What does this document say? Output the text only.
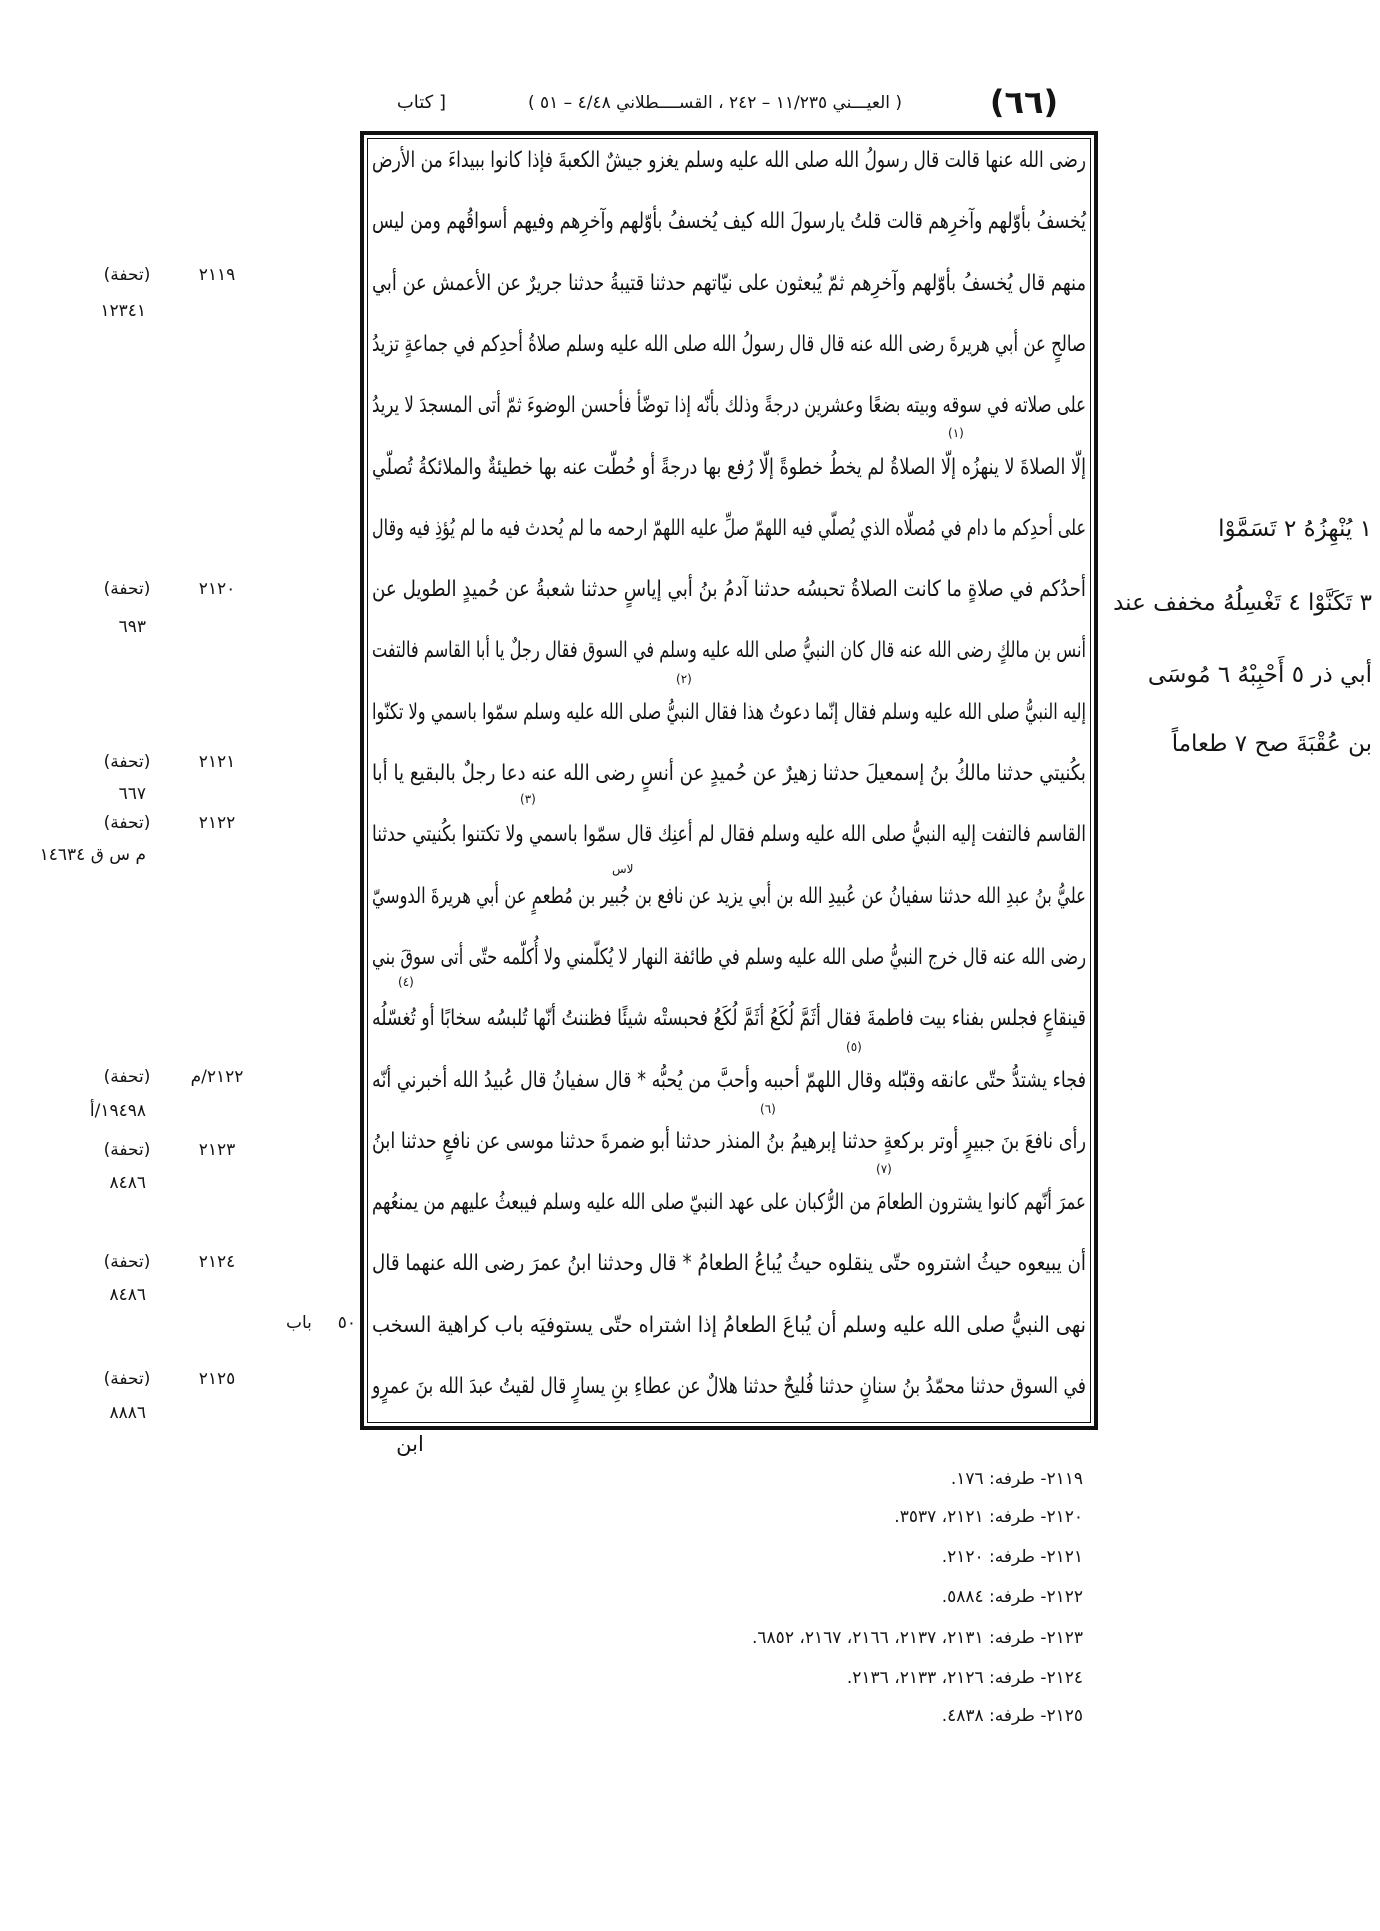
(٦٦)
( العيـــني ١١/٢٣٥ – ٢٤٢ ، القســــطلاني ٤/٤٨ – ٥١ )
[ كتاب
رضى الله عنها قالت قال رسولُ الله صلى الله عليه وسلم يغزو جيشٌ الكعبةَ فإذا كانوا ببيداءَ من الأرض
يُخسفُ بأوّلهم وآخرِهم قالت قلتُ يارسولَ الله كيف يُخسفُ بأوّلهم وآخرِهم وفيهم أسواقُهم ومن ليس
منهم قال يُخسفُ بأوّلهم وآخرِهم ثمّ يُبعثون على نيّاتهم حدثنا قتيبةُ حدثنا جريرٌ عن الأعمش عن أبي
صالحٍ عن أبي هريرةَ رضى الله عنه قال قال رسولُ الله صلى الله عليه وسلم صلاةُ أحدِكم في جماعةٍ تزيدُ
على صلاته في سوقه وبيته بضعًا وعشرين درجةً وذلك بأنّه إذا توضّأ فأحسن الوضوءَ ثمّ أتى المسجدَ لا يريدُ
إلّا الصلاةَ لا ينهزُه إلّا الصلاةُ لم يخطُ خطوةً إلّا رُفع بها درجةً أو حُطّت عنه بها خطيئةٌ والملائكةُ تُصلّي
على أحدِكم ما دام في مُصلّاه الذي يُصلّي فيه اللهمّ صلِّ عليه اللهمّ ارحمه ما لم يُحدث فيه ما لم يُؤذِ فيه وقال
أحدُكم في صلاةٍ ما كانت الصلاةُ تحبسُه حدثنا آدمُ بنُ أبي إياسٍ حدثنا شعبةُ عن حُميدٍ الطويل عن
أنس بن مالكٍ رضى الله عنه قال كان النبيُّ صلى الله عليه وسلم في السوق فقال رجلٌ يا أبا القاسم فالتفت
إليه النبيُّ صلى الله عليه وسلم فقال إنّما دعوتُ هذا فقال النبيُّ صلى الله عليه وسلم سمّوا باسمي ولا تكنّوا
بكُنيتي حدثنا مالكُ بنُ إسمعيلَ حدثنا زهيرٌ عن حُميدٍ عن أنسٍ رضى الله عنه دعا رجلٌ بالبقيع يا أبا
القاسم فالتفت إليه النبيُّ صلى الله عليه وسلم فقال لم أعنِك قال سمّوا باسمي ولا تكتنوا بكُنيتي حدثنا
عليُّ بنُ عبدِ الله حدثنا سفيانُ عن عُبيدِ الله بن أبي يزيد عن نافع بن جُبير بن مُطعمٍ عن أبي هريرةَ الدوسيّ
رضى الله عنه قال خرج النبيُّ صلى الله عليه وسلم في طائفة النهار لا يُكلّمني ولا أُكلّمه حتّى أتى سوقَ بني
قينقاعٍ فجلس بفناء بيت فاطمةَ فقال أثَمَّ لُكَعُ أثَمَّ لُكَعُ فحبستْه شيئًا فظننتُ أنّها تُلبسُه سخابًا أو تُغسّلُه
فجاء يشتدُّ حتّى عانقه وقبّله وقال اللهمّ أحببه وأحبَّ من يُحبُّه * قال سفيانُ قال عُبيدُ الله أخبرني أنّه
رأى نافعَ بنَ جبيرٍ أوتر بركعةٍ حدثنا إبرهيمُ بنُ المنذر حدثنا أبو ضمرةَ حدثنا موسى عن نافعٍ حدثنا ابنُ
عمرَ أنّهم كانوا يشترون الطعامَ من الرُّكبان على عهد النبيّ صلى الله عليه وسلم فيبعثُ عليهم من يمنعُهم
أن يبيعوه حيثُ اشتروه حتّى ينقلوه حيثُ يُباعُ الطعامُ * قال وحدثنا ابنُ عمرَ رضى الله عنهما قال
نهى النبيُّ صلى الله عليه وسلم أن يُباعَ الطعامُ إذا اشتراه حتّى يستوفيَه باب كراهية السخب
في السوق حدثنا محمّدُ بنُ سنانٍ حدثنا فُليحٌ حدثنا هلالٌ عن عطاءِ بنِ يسارٍ قال لقيتُ عبدَ الله بنَ عمرٍو
(١)
(٢)
(٣)
(٤)
(٥)
(٦)
(٧)
لاس
(تحفة)	٢١١٩
١٢٣٤١
(تحفة)	٢١٢٠
٦٩٣
(تحفة)	٢١٢١
٦٦٧
(تحفة)	٢١٢٢
م س ق ١٤٦٣٤
(تحفة)	٢١٢٢/م
١٩٤٩٨/أ
(تحفة)	٢١٢٣
٨٤٨٦
(تحفة)	٢١٢٤
٨٤٨٦
(تحفة)	٢١٢٥
٨٨٨٦
باب ٥٠
١ يُنْهِزُهُ ٢ تَسَمَّوْا
٣ تَكَنَّوْا ٤ تَغْسِلُهُ مخفف عند
أبي ذر ٥ أَحْبِبْهُ ٦ مُوسَى
بن عُقْبَةَ صح ٧ طعاماً
ابن
٢١١٩- طرفه: ١٧٦.
٢١٢٠- طرفه: ٢١٢١، ٣٥٣٧.
٢١٢١- طرفه: ٢١٢٠.
٢١٢٢- طرفه: ٥٨٨٤.
٢١٢٣- طرفه: ٢١٣١، ٢١٣٧، ٢١٦٦، ٢١٦٧، ٦٨٥٢.
٢١٢٤- طرفه: ٢١٢٦، ٢١٣٣، ٢١٣٦.
٢١٢٥- طرفه: ٤٨٣٨.
